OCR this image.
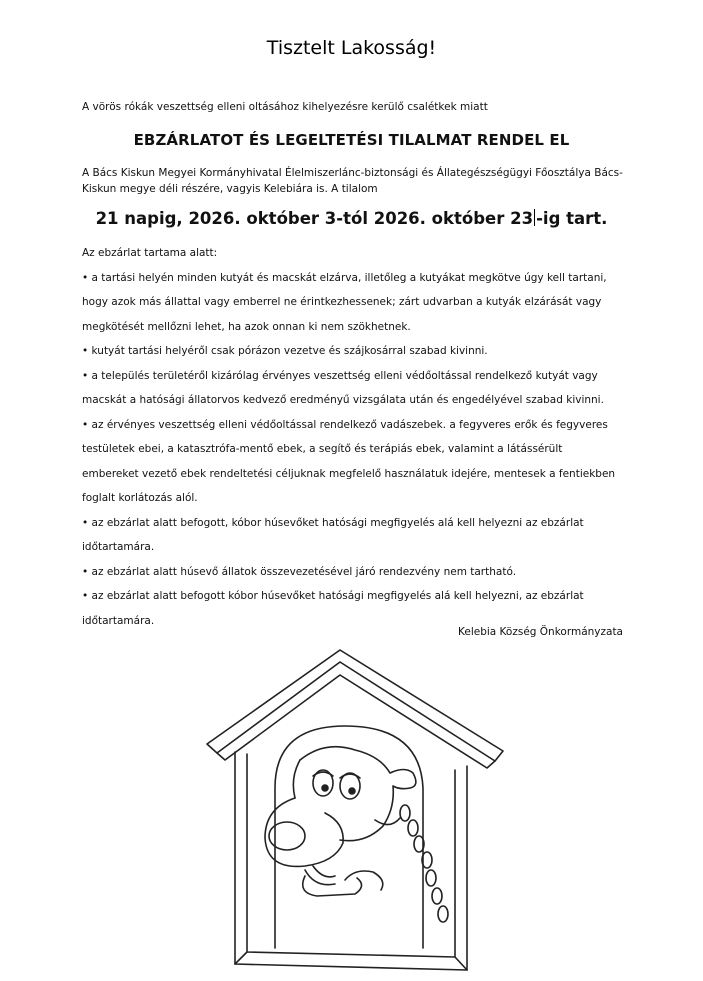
Tisztelt Lakosság!
A vörös rókák veszettség elleni oltásához kihelyezésre kerülő csalétkek miatt
EBZÁRLATOT ÉS LEGELTETÉSI TILALMAT RENDEL EL
A Bács Kiskun Megyei Kormányhivatal Élelmiszerlánc-biztonsági és Állategészségügyi Főosztálya Bács-
Kiskun megye déli részére, vagyis Kelebiára is. A tilalom
21 napig, 2026. október 3-tól 2026. október 23 -ig tart.

Az ebzárlat tartama alatt:

• a tartási helyén minden kutyát és macskát elzárva, illetőleg a kutyákat megkötve úgy kell tartani,

hogy azok más állattal vagy emberrel ne érintkezhessenek; zárt udvarban a kutyák elzárását vagy

megkötését mellőzni lehet, ha azok onnan ki nem szökhetnek.

• kutyát tartási helyéről csak pórázon vezetve és szájkosárral szabad kivinni.

• a település területéről kizárólag érvényes veszettség elleni védőoltással rendelkező kutyát vagy

macskát a hatósági állatorvos kedvező eredményű vizsgálata után és engedélyével szabad kivinni.

• az érvényes veszettség elleni védőoltással rendelkező vadászebek. a fegyveres erők és fegyveres

testületek ebei, a katasztrófa-mentő ebek, a segítő és terápiás ebek, valamint a látássérült

embereket vezető ebek rendeltetési céljuknak megfelelő használatuk idejére, mentesek a fentiekben

foglalt korlátozás alól.

• az ebzárlat alatt befogott, kóbor húsevőket hatósági megfigyelés alá kell helyezni az ebzárlat

időtartamára.

• az ebzárlat alatt húsevő állatok összevezetésével járó rendezvény nem tartható.

• az ebzárlat alatt befogott kóbor húsevőket hatósági megfigyelés alá kell helyezni, az ebzárlat

időtartamára.

Kelebia Község Önkormányzata
